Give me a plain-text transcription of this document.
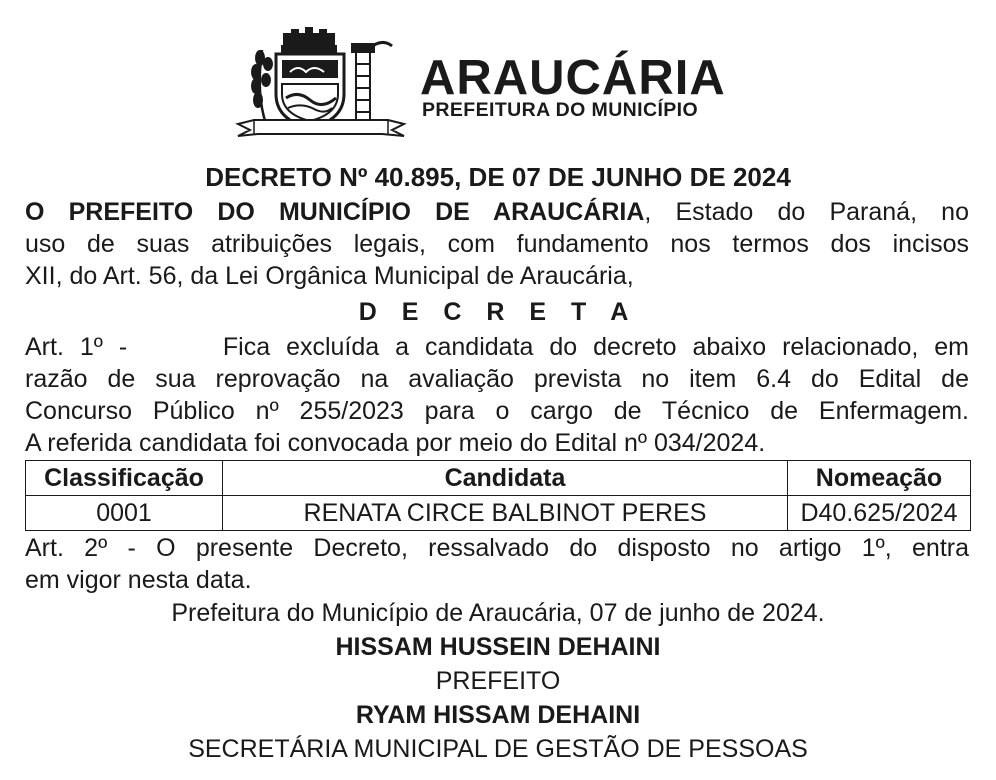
ARAUCÁRIA
PREFEITURA DO MUNICÍPIO
DECRETO Nº 40.895, DE 07 DE JUNHO DE 2024
O PREFEITO DO MUNICÍPIO DE ARAUCÁRIA, Estado do Paraná, no
uso de suas atribuições legais, com fundamento nos termos dos incisos
XII, do Art. 56, da Lei Orgânica Municipal de Araucária,
D E C R E T A
Art. 1º -      Fica excluída a candidata do decreto abaixo relacionado, em
razão de sua reprovação na avaliação prevista no item 6.4 do Edital de
Concurso Público nº 255/2023 para o cargo de Técnico de Enfermagem.
A referida candidata foi convocada por meio do Edital nº 034/2024.
Classificação	Candidata	Nomeação
0001	RENATA CIRCE BALBINOT PERES	D40.625/2024
Art. 2º - O presente Decreto, ressalvado do disposto no artigo 1º, entra
em vigor nesta data.
Prefeitura do Município de Araucária, 07 de junho de 2024.
HISSAM HUSSEIN DEHAINI
PREFEITO
RYAM HISSAM DEHAINI
SECRETÁRIA MUNICIPAL DE GESTÃO DE PESSOAS
